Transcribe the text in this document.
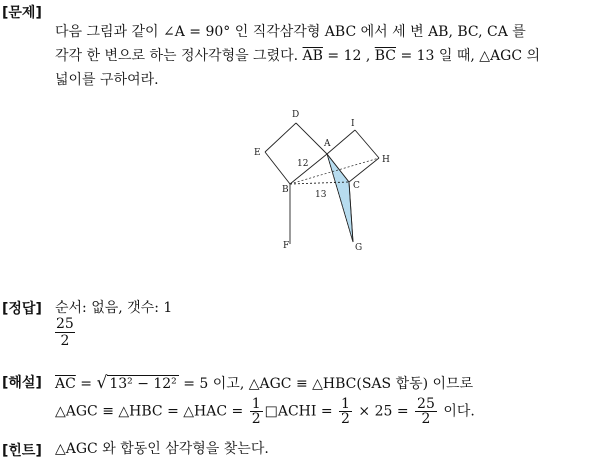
[문제]
다음 그림과 같이 ∠A = 90° 인 직각삼각형 ABC 에서 세 변 AB, BC, CA 를
각각 한 변으로 하는 정사각형을 그렸다. $\overline{AB} = 12$ , $\overline{BC} = 13$ 일 때, △AGC 의
넓이를 구하여라.
D
I
E
A
H
B	C
F	G
12
13
[정답] 순서: 없음, 갯수: 1
$\frac{25}{2}$
[해설] $\overline{AC}$ = √ 13² − 12² = 5 이고, △AGC ≡ △HBC(SAS 합동) 이므로
△AGC ≡ △HBC = △HAC = $\frac{1}{2}$ □ACHI = $\frac{1}{2} \times 25 = \frac{25}{2}$ 이다.
[힌트] △AGC 와 합동인 삼각형을 찾는다.
